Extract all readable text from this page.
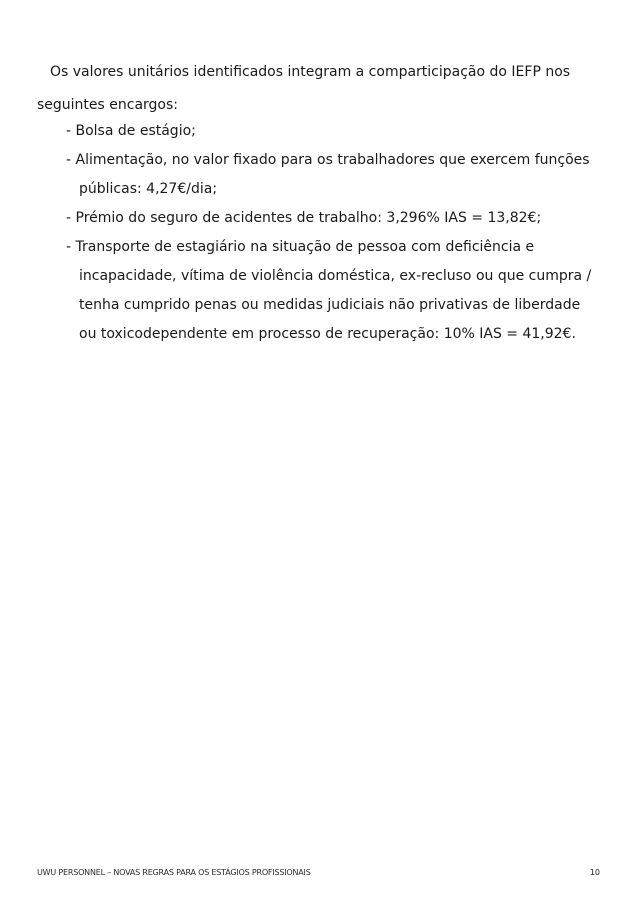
Os valores unitários identificados integram a comparticipação do IEFP nos seguintes encargos:

- Bolsa de estágio;
- Alimentação, no valor fixado para os trabalhadores que exercem funções públicas: 4,27€/dia;
- Prémio do seguro de acidentes de trabalho: 3,296% IAS = 13,82€;
- Transporte de estagiário na situação de pessoa com deficiência e incapacidade, vítima de violência doméstica, ex-recluso ou que cumpra / tenha cumprido penas ou medidas judiciais não privativas de liberdade ou toxicodependente em processo de recuperação: 10% IAS = 41,92€.
UWU PERSONNEL – NOVAS REGRAS PARA OS ESTÁGIOS PROFISSIONAIS	10
